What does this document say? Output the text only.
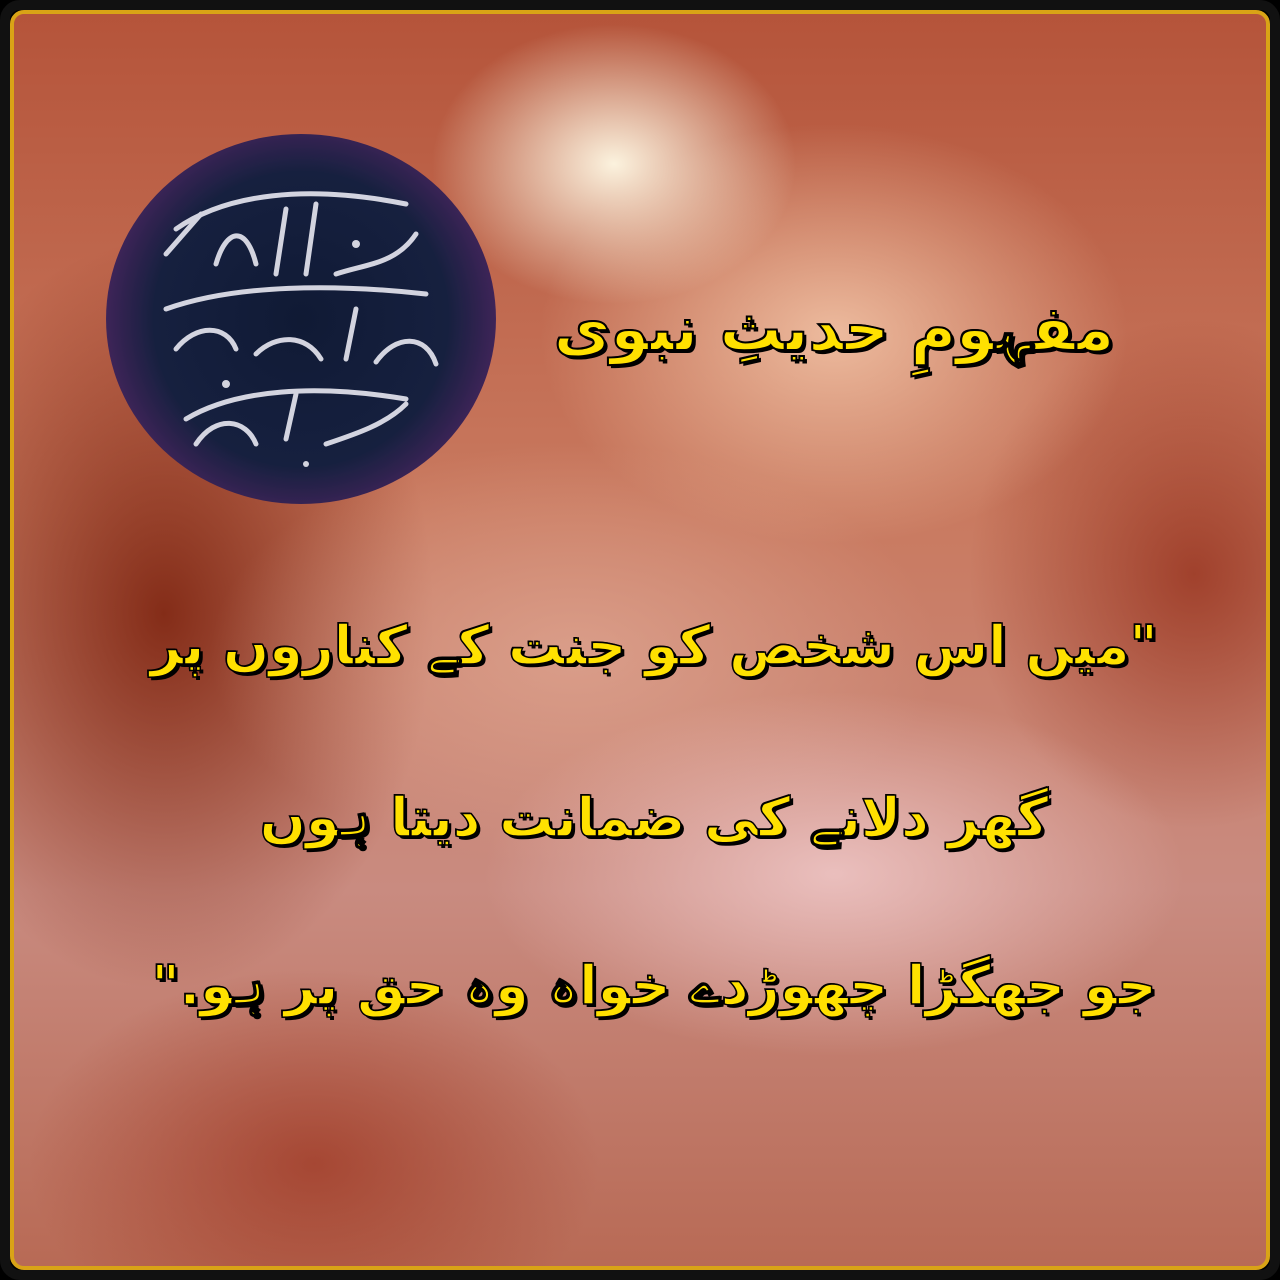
مفہومِ حدیثِ نبوی
"میں اس شخص کو جنت کے کناروں پر
گھر دلانے کی ضمانت دیتا ہوں
جو جھگڑا چھوڑدے خواہ وہ حق پر ہو."
